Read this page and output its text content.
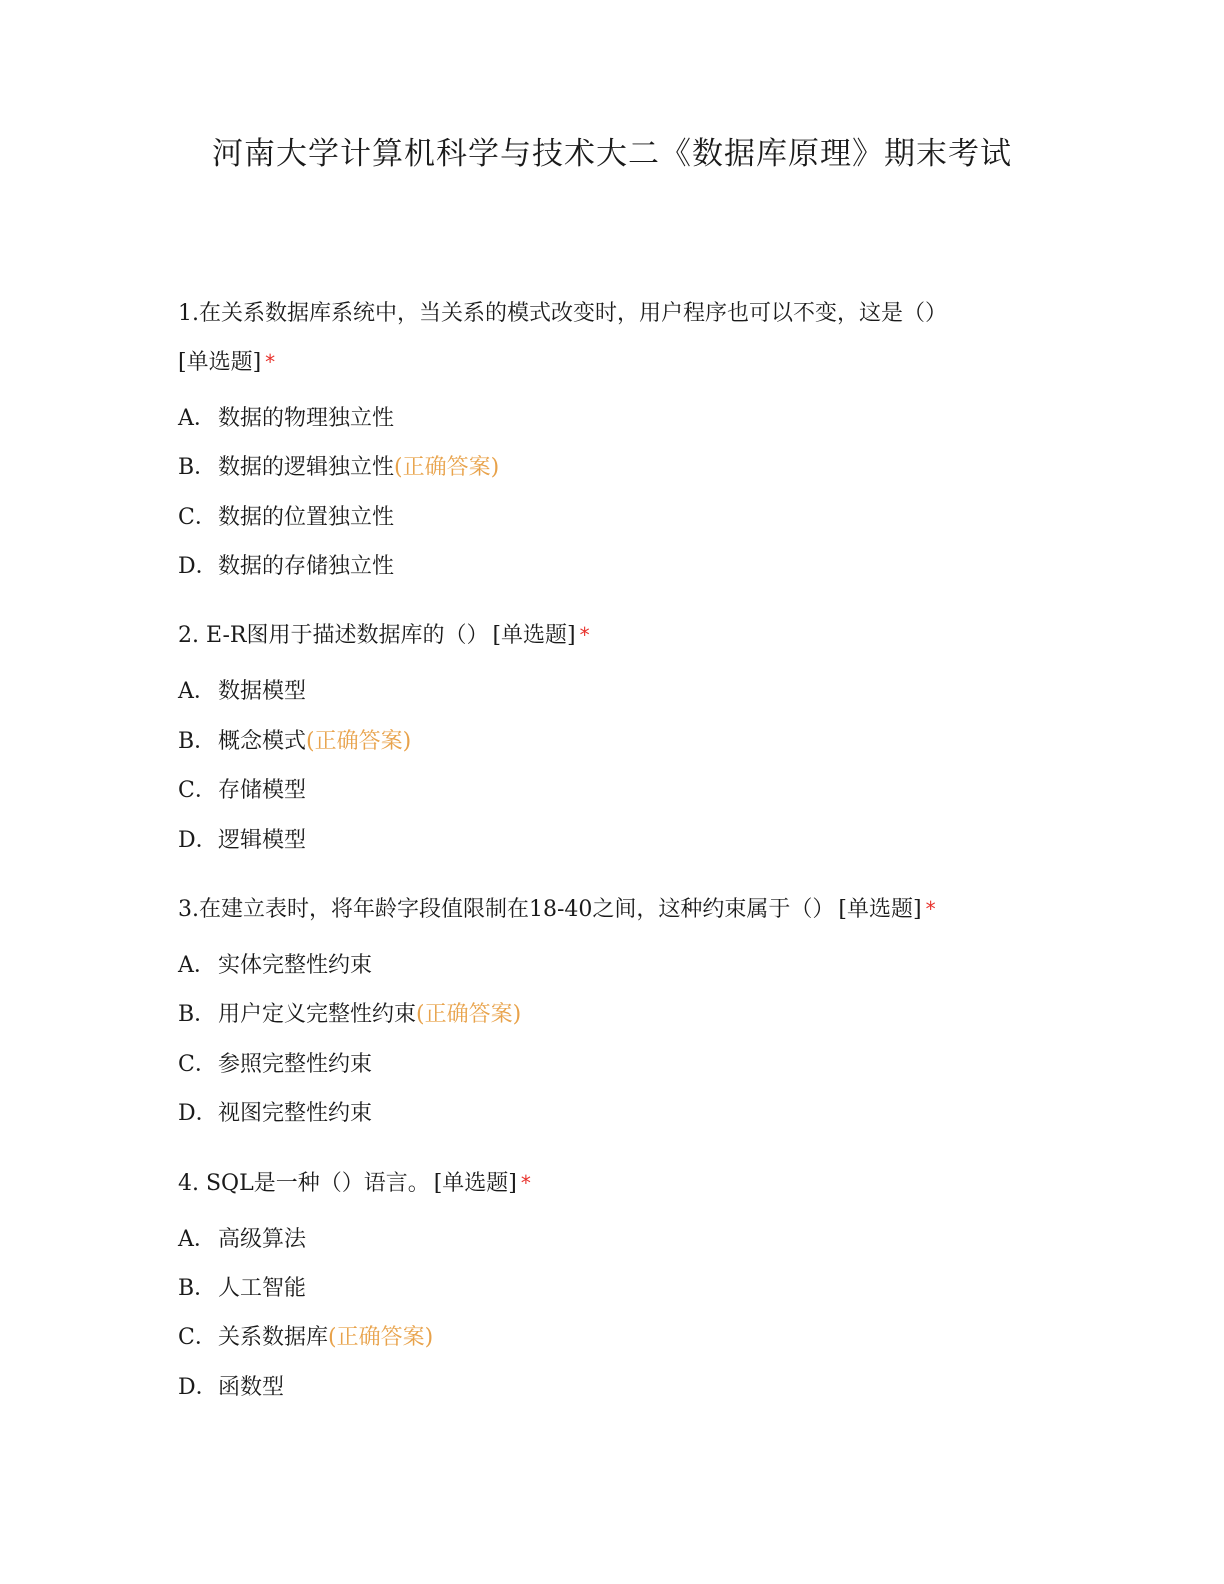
河南大学计算机科学与技术大二《数据库原理》期末考试
1.在关系数据库系统中，当关系的模式改变时，用户程序也可以不变，这是（）
[单选题] *
A．数据的物理独立性
B．数据的逻辑独立性(正确答案)
C．数据的位置独立性
D．数据的存储独立性
2. E-R图用于描述数据库的（） [单选题] *
A．数据模型
B．概念模式(正确答案)
C．存储模型
D．逻辑模型
3.在建立表时，将年龄字段值限制在18-40之间，这种约束属于（） [单选题] *
A．实体完整性约束
B．用户定义完整性约束(正确答案)
C．参照完整性约束
D．视图完整性约束
4. SQL是一种（）语言。 [单选题] *
A．高级算法
B．人工智能
C．关系数据库(正确答案)
D．函数型
